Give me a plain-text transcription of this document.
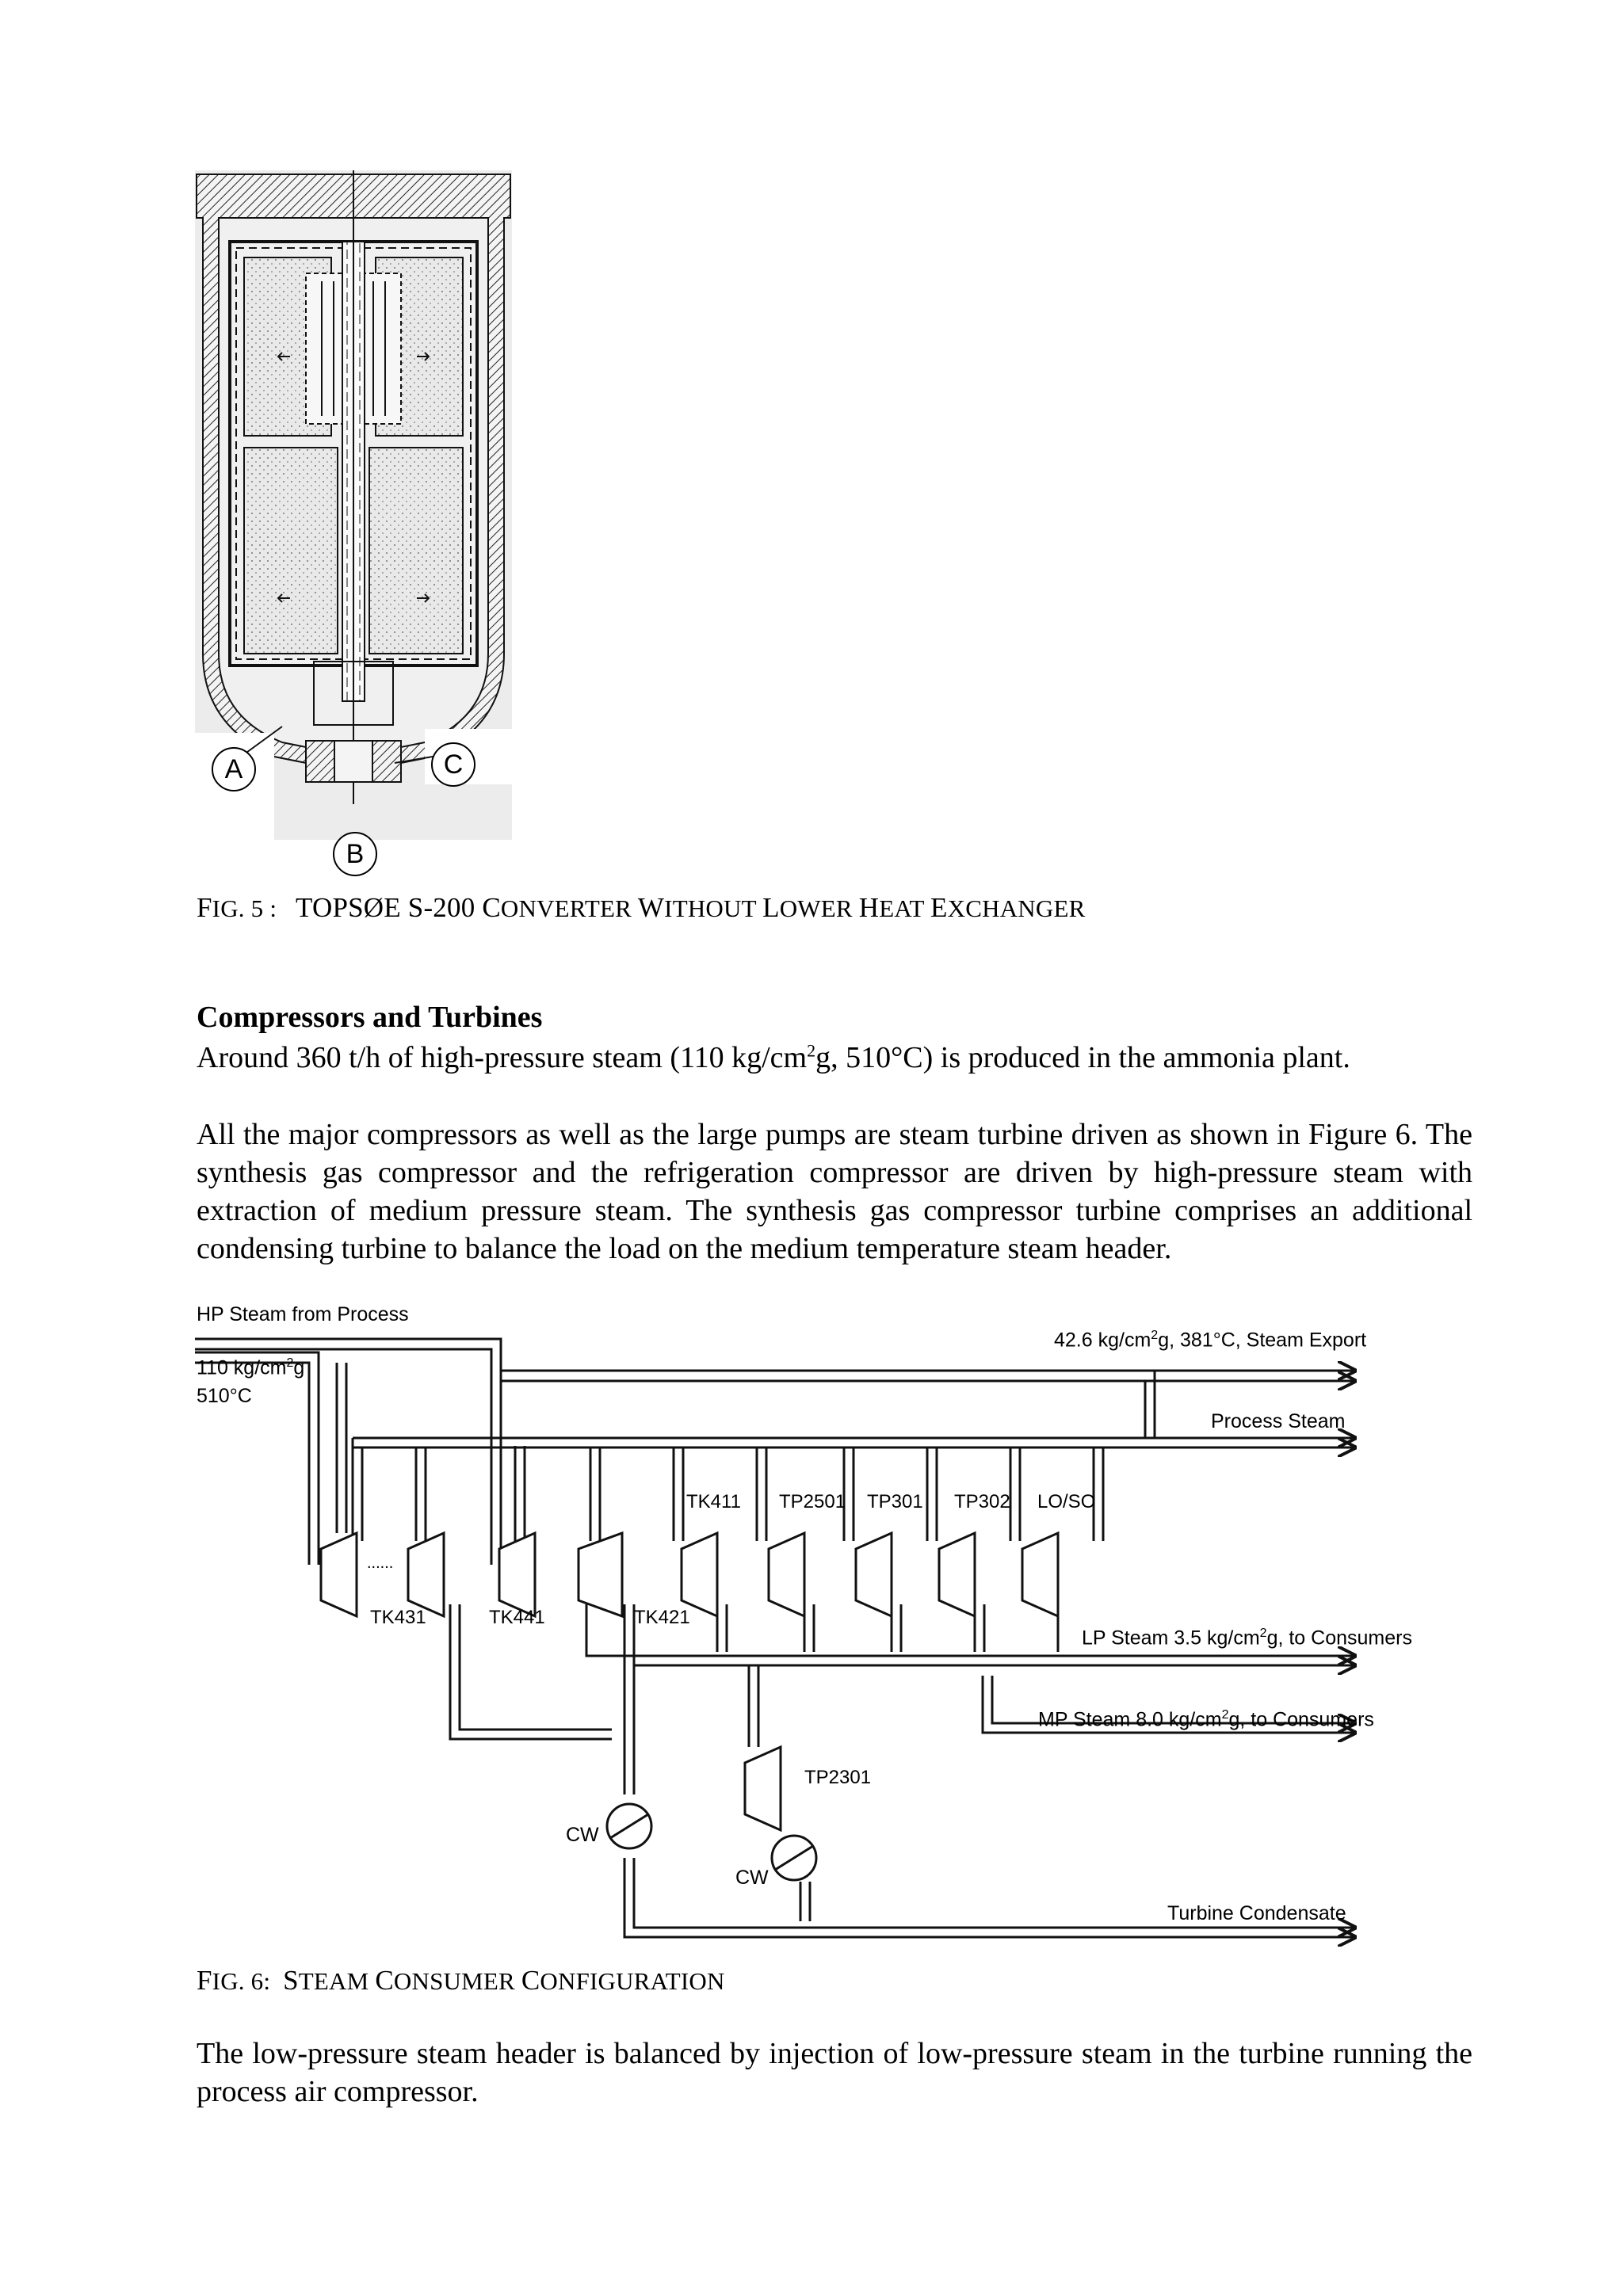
A	C
B
FIG. 5 : TOPSØE S-200 CONVERTER WITHOUT LOWER HEAT EXCHANGER
Compressors and Turbines
Around 360 t/h of high-pressure steam (110 $kg/cm^2g$, 510°C) is produced in the ammonia plant.

All the major compressors as well as the large pumps are steam turbine driven as shown in Figure 6. The synthesis gas compressor and the refrigeration compressor are driven by high-pressure steam with extraction of medium pressure steam. The synthesis gas compressor turbine comprises an additional condensing turbine to balance the load on the medium temperature steam header.

HP Steam from Process
110 $kg/cm^2g$
510°C
42.6 $kg/cm^2g$, 381°C, Steam Export
Process Steam
LP Steam 3.5 $kg/cm^2g$, to Consumers
MP Steam 8.0 $kg/cm^2g$, to Consumers
Turbine Condensate
CW
CW
......
TK431	TK441	TK421
TK411 TP2501 TP301 TP302 LO/SO
TP2301
FIG. 6: STEAM CONSUMER CONFIGURATION

The low-pressure steam header is balanced by injection of low-pressure steam in the turbine running the process air compressor.
